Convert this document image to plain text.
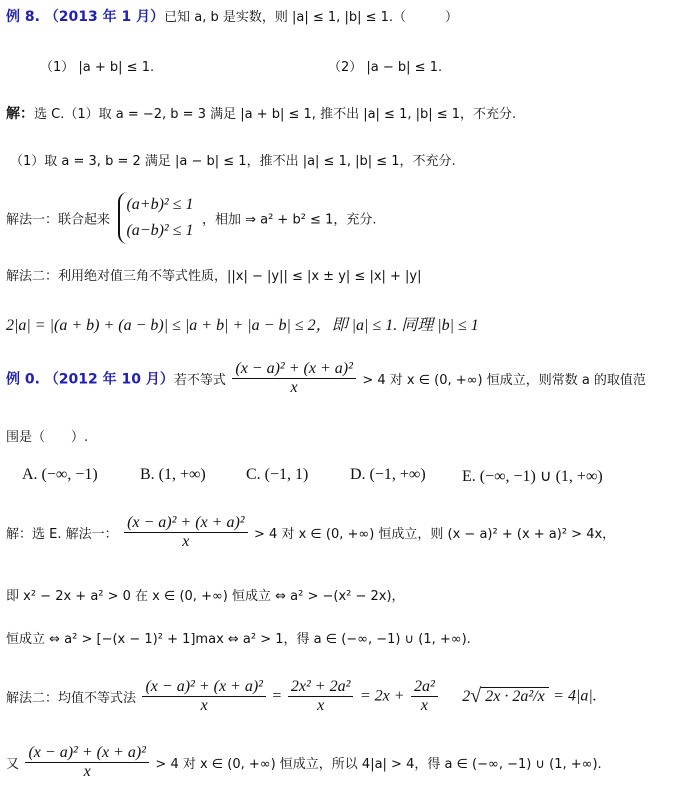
例 8. （2013 年 1 月）已知 a, b 是实数，则 |a| ≤ 1, |b| ≤ 1.（　　　）
（1） |a + b| ≤ 1.	（2） |a − b| ≤ 1.
解：选 C.（1）取 a = −2, b = 3 满足 |a + b| ≤ 1, 推不出 |a| ≤ 1, |b| ≤ 1，不充分.
（1）取 a = 3, b = 2 满足 |a − b| ≤ 1，推不出 |a| ≤ 1, |b| ≤ 1，不充分.
解法一：联合起来
(a+b)² ≤ 1
(a−b)² ≤ 1
，相加 ⇒ a² + b² ≤ 1，充分.
解法二：利用绝对值三角不等式性质，||x| − |y|| ≤ |x ± y| ≤ |x| + |y|
2|a| = |(a + b) + (a − b)| ≤ |a + b| + |a − b| ≤ 2，即 |a| ≤ 1. 同理 |b| ≤ 1
例 0. （2012 年 10 月）若不等式 $\frac{\text{(x − a)² + (x + a)²}}{x} > 4$ 对 x ∈ (0, +∞) 恒成立，则常数 a 的取值范
围是（　　）.
A. (−∞, −1)	B. (1, +∞)	C. (−1, 1)	D. (−1, +∞) E. (−∞, −1) ∪ (1, +∞)
解：选 E. 解法一： $\frac{\text{(x − a)² + (x + a)²}}{x} > 4$ 对 x ∈ (0, +∞) 恒成立，则 (x − a)² + (x + a)² > 4x，
即 x² − 2x + a² > 0 在 x ∈ (0, +∞) 恒成立 ⇔ a² > −(x² − 2x)，
恒成立 ⇔ a² > [−(x − 1)² + 1]max ⇔ a² > 1，得 a ∈ (−∞, −1) ∪ (1, +∞).
解法二：均值不等式法 $\frac{\text{(x − a)² + (x + a)²}}{x} = \frac{\text{2x² + 2a²}}{x} = 2x + \frac{\text{2a²}}{x} 2√$ 2x · 2a²/x = 4|a|.
又 $\frac{\text{(x − a)² + (x + a)²}}{x} > 4$ 对 x ∈ (0, +∞) 恒成立，所以 4|a| > 4，得 a ∈ (−∞, −1) ∪ (1, +∞).
